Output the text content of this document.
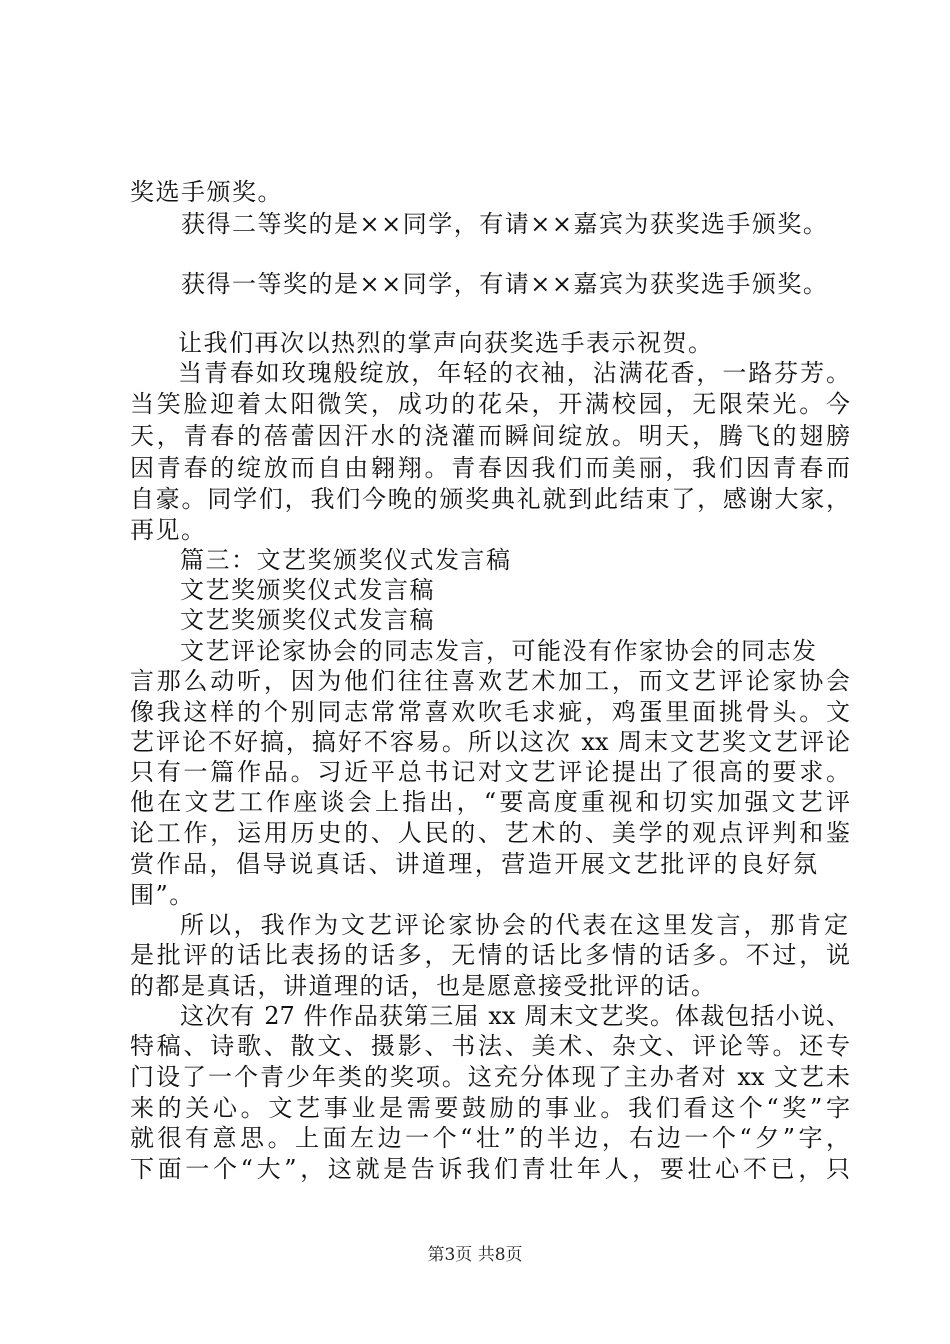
奖选手颁奖。
获得二等奖的是××同学，有请××嘉宾为获奖选手颁奖。
获得一等奖的是××同学，有请××嘉宾为获奖选手颁奖。
让我们再次以热烈的掌声向获奖选手表示祝贺。
当青春如玫瑰般绽放，年轻的衣袖，沾满花香，一路芬芳。
当笑脸迎着太阳微笑，成功的花朵，开满校园，无限荣光。今
天，青春的蓓蕾因汗水的浇灌而瞬间绽放。明天，腾飞的翅膀
因青春的绽放而自由翱翔。青春因我们而美丽，我们因青春而
自豪。同学们，我们今晚的颁奖典礼就到此结束了，感谢大家，
再见。
篇三：文艺奖颁奖仪式发言稿
文艺奖颁奖仪式发言稿
文艺奖颁奖仪式发言稿
文艺评论家协会的同志发言，可能没有作家协会的同志发
言那么动听，因为他们往往喜欢艺术加工，而文艺评论家协会
像我这样的个别同志常常喜欢吹毛求疵，鸡蛋里面挑骨头。文
艺评论不好搞，搞好不容易。所以这次 xx 周末文艺奖文艺评论
只有一篇作品。习近平总书记对文艺评论提出了很高的要求。
他在文艺工作座谈会上指出，“要高度重视和切实加强文艺评
论工作，运用历史的、人民的、艺术的、美学的观点评判和鉴
赏作品，倡导说真话、讲道理，营造开展文艺批评的良好氛
围”。
所以，我作为文艺评论家协会的代表在这里发言，那肯定
是批评的话比表扬的话多，无情的话比多情的话多。不过，说
的都是真话，讲道理的话，也是愿意接受批评的话。
这次有 27 件作品获第三届 xx 周末文艺奖。体裁包括小说、
特稿、诗歌、散文、摄影、书法、美术、杂文、评论等。还专
门设了一个青少年类的奖项。这充分体现了主办者对 xx 文艺未
来的关心。文艺事业是需要鼓励的事业。我们看这个“奖”字
就很有意思。上面左边一个“壮”的半边，右边一个“夕”字，
下面一个“大”，这就是告诉我们青壮年人，要壮心不已，只
第3页 共8页
